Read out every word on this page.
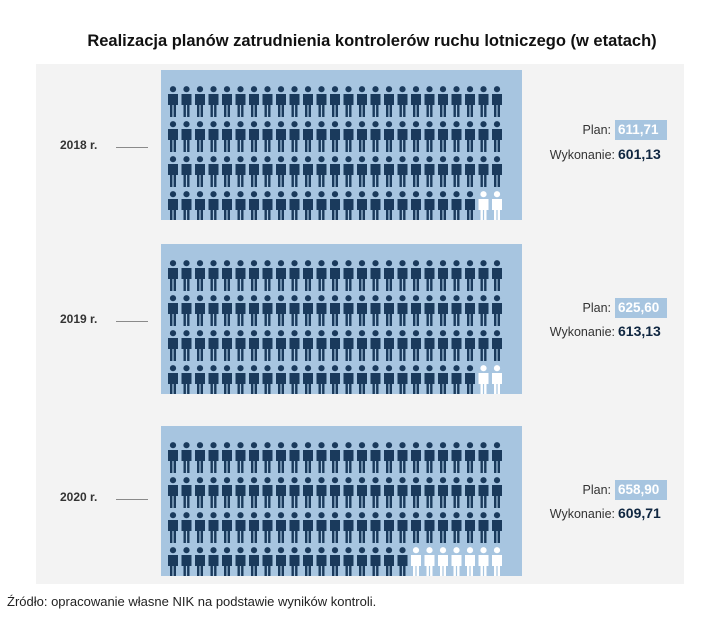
Realizacja planów zatrudnienia kontrolerów ruchu lotniczego (w etatach)
2018 r.
Plan: 611,71
Wykonanie: 601,13
2019 r.
Plan: 625,60
Wykonanie: 613,13
2020 r.	Plan: 658,90
Wykonanie: 609,71
Źródło: opracowanie własne NIK na podstawie wyników kontroli.
